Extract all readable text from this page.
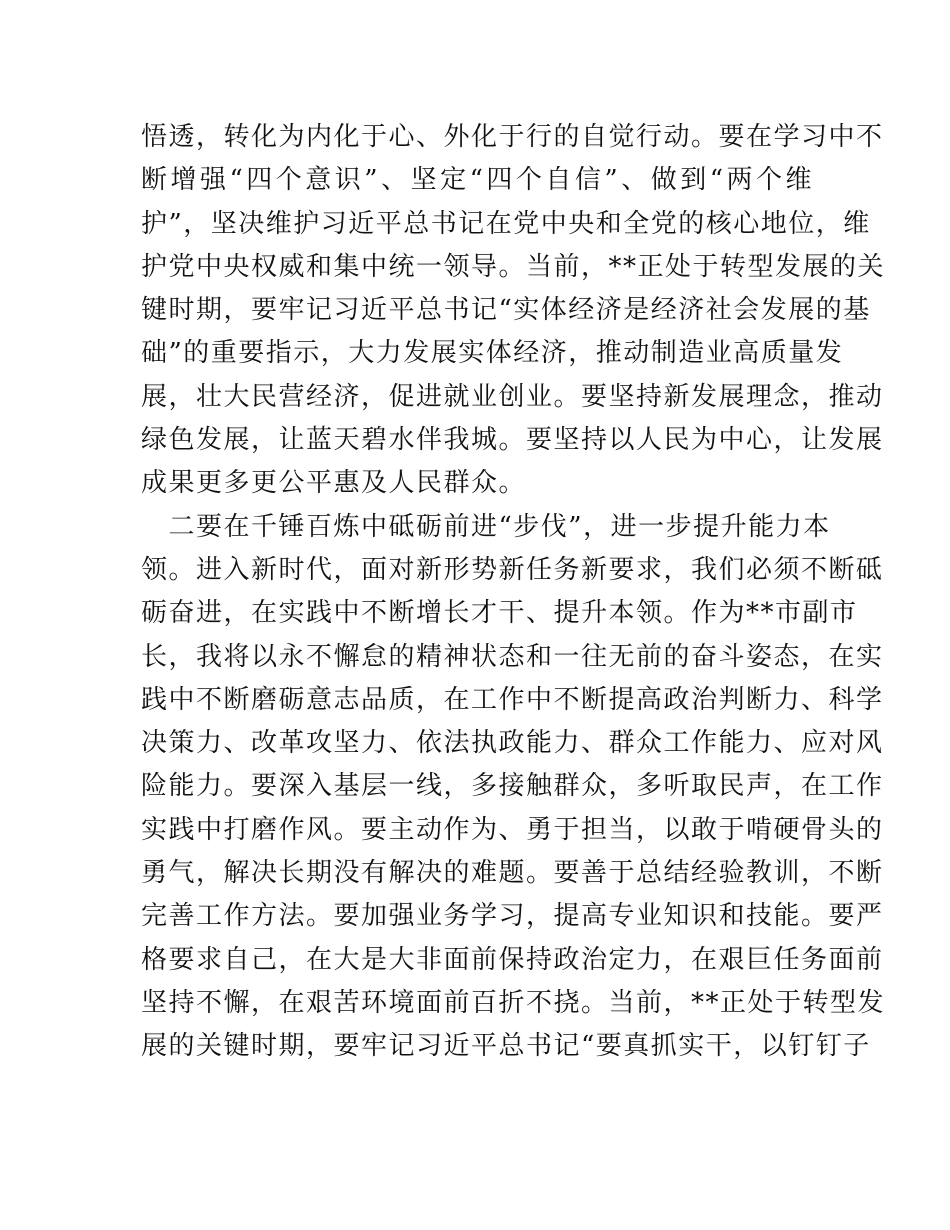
悟透，转化为内化于心、外化于行的自觉行动。要在学习中不
断增强“四个意识”、坚定“四个自信”、做到“两个维
护”，坚决维护习近平总书记在党中央和全党的核心地位，维
护党中央权威和集中统一领导。当前，**正处于转型发展的关
键时期，要牢记习近平总书记“实体经济是经济社会发展的基
础”的重要指示，大力发展实体经济，推动制造业高质量发
展，壮大民营经济，促进就业创业。要坚持新发展理念，推动
绿色发展，让蓝天碧水伴我城。要坚持以人民为中心，让发展
成果更多更公平惠及人民群众。
　二要在千锤百炼中砥砺前进“步伐”，进一步提升能力本
领。进入新时代，面对新形势新任务新要求，我们必须不断砥
砺奋进，在实践中不断增长才干、提升本领。作为**市副市
长，我将以永不懈怠的精神状态和一往无前的奋斗姿态，在实
践中不断磨砺意志品质，在工作中不断提高政治判断力、科学
决策力、改革攻坚力、依法执政能力、群众工作能力、应对风
险能力。要深入基层一线，多接触群众，多听取民声，在工作
实践中打磨作风。要主动作为、勇于担当，以敢于啃硬骨头的
勇气，解决长期没有解决的难题。要善于总结经验教训，不断
完善工作方法。要加强业务学习，提高专业知识和技能。要严
格要求自己，在大是大非面前保持政治定力，在艰巨任务面前
坚持不懈，在艰苦环境面前百折不挠。当前，**正处于转型发
展的关键时期，要牢记习近平总书记“要真抓实干，以钉钉子
